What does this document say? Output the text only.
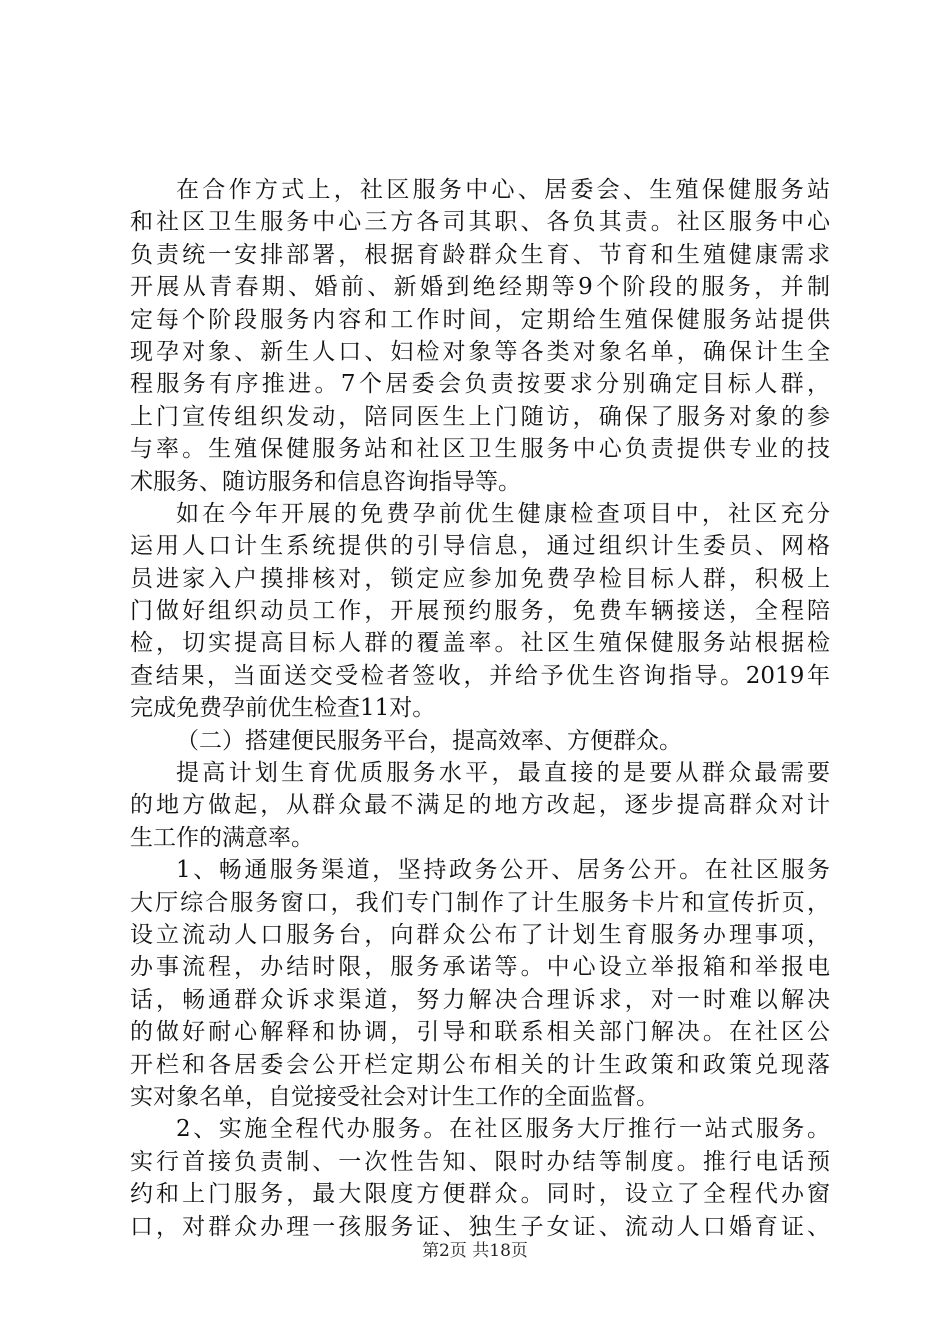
在合作方式上，社区服务中心、居委会、生殖保健服务站
和社区卫生服务中心三方各司其职、各负其责。社区服务中心
负责统一安排部署，根据育龄群众生育、节育和生殖健康需求
开展从青春期、婚前、新婚到绝经期等9个阶段的服务，并制
定每个阶段服务内容和工作时间，定期给生殖保健服务站提供
现孕对象、新生人口、妇检对象等各类对象名单，确保计生全
程服务有序推进。7个居委会负责按要求分别确定目标人群，
上门宣传组织发动，陪同医生上门随访，确保了服务对象的参
与率。生殖保健服务站和社区卫生服务中心负责提供专业的技
术服务、随访服务和信息咨询指导等。
如在今年开展的免费孕前优生健康检查项目中，社区充分
运用人口计生系统提供的引导信息，通过组织计生委员、网格
员进家入户摸排核对，锁定应参加免费孕检目标人群，积极上
门做好组织动员工作，开展预约服务，免费车辆接送，全程陪
检，切实提高目标人群的覆盖率。社区生殖保健服务站根据检
查结果，当面送交受检者签收，并给予优生咨询指导。2019年
完成免费孕前优生检查11对。
（二）搭建便民服务平台，提高效率、方便群众。
提高计划生育优质服务水平，最直接的是要从群众最需要
的地方做起，从群众最不满足的地方改起，逐步提高群众对计
生工作的满意率。
1、畅通服务渠道，坚持政务公开、居务公开。在社区服务
大厅综合服务窗口，我们专门制作了计生服务卡片和宣传折页，
设立流动人口服务台，向群众公布了计划生育服务办理事项，
办事流程，办结时限，服务承诺等。中心设立举报箱和举报电
话，畅通群众诉求渠道，努力解决合理诉求，对一时难以解决
的做好耐心解释和协调，引导和联系相关部门解决。在社区公
开栏和各居委会公开栏定期公布相关的计生政策和政策兑现落
实对象名单，自觉接受社会对计生工作的全面监督。
2、实施全程代办服务。在社区服务大厅推行一站式服务。
实行首接负责制、一次性告知、限时办结等制度。推行电话预
约和上门服务，最大限度方便群众。同时，设立了全程代办窗
口，对群众办理一孩服务证、独生子女证、流动人口婚育证、
第2页 共18页
